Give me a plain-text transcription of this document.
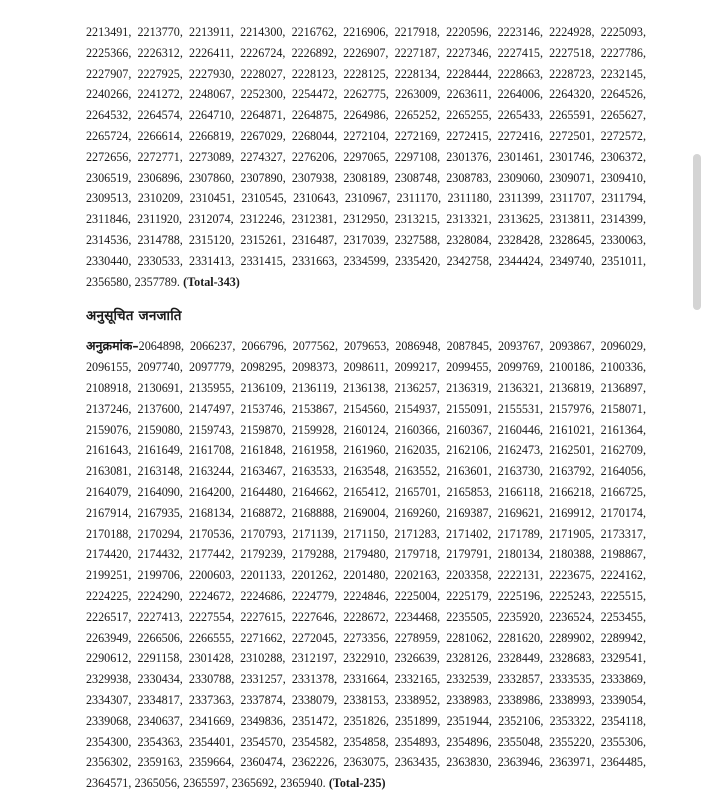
2213491, 2213770, 2213911, 2214300, 2216762, 2216906, 2217918, 2220596, 2223146, 2224928, 2225093, 2225366, 2226312, 2226411, 2226724, 2226892, 2226907, 2227187, 2227346, 2227415, 2227518, 2227786, 2227907, 2227925, 2227930, 2228027, 2228123, 2228125, 2228134, 2228444, 2228663, 2228723, 2232145, 2240266, 2241272, 2248067, 2252300, 2254472, 2262775, 2263009, 2263611, 2264006, 2264320, 2264526, 2264532, 2264574, 2264710, 2264871, 2264875, 2264986, 2265252, 2265255, 2265433, 2265591, 2265627, 2265724, 2266614, 2266819, 2267029, 2268044, 2272104, 2272169, 2272415, 2272416, 2272501, 2272572, 2272656, 2272771, 2273089, 2274327, 2276206, 2297065, 2297108, 2301376, 2301461, 2301746, 2306372, 2306519, 2306896, 2307860, 2307890, 2307938, 2308189, 2308748, 2308783, 2309060, 2309071, 2309410, 2309513, 2310209, 2310451, 2310545, 2310643, 2310967, 2311170, 2311180, 2311399, 2311707, 2311794, 2311846, 2311920, 2312074, 2312246, 2312381, 2312950, 2313215, 2313321, 2313625, 2313811, 2314399, 2314536, 2314788, 2315120, 2315261, 2316487, 2317039, 2327588, 2328084, 2328428, 2328645, 2330063, 2330440, 2330533, 2331413, 2331415, 2331663, 2334599, 2335420, 2342758, 2344424, 2349740, 2351011, 2356580, 2357789. (Total-343)

अनुसूचित जनजाति

अनुक्रमांक–2064898, 2066237, 2066796, 2077562, 2079653, 2086948, 2087845, 2093767, 2093867, 2096029, 2096155, 2097740, 2097779, 2098295, 2098373, 2098611, 2099217, 2099455, 2099769, 2100186, 2100336, 2108918, 2130691, 2135955, 2136109, 2136119, 2136138, 2136257, 2136319, 2136321, 2136819, 2136897, 2137246, 2137600, 2147497, 2153746, 2153867, 2154560, 2154937, 2155091, 2155531, 2157976, 2158071, 2159076, 2159080, 2159743, 2159870, 2159928, 2160124, 2160366, 2160367, 2160446, 2161021, 2161364, 2161643, 2161649, 2161708, 2161848, 2161958, 2161960, 2162035, 2162106, 2162473, 2162501, 2162709, 2163081, 2163148, 2163244, 2163467, 2163533, 2163548, 2163552, 2163601, 2163730, 2163792, 2164056, 2164079, 2164090, 2164200, 2164480, 2164662, 2165412, 2165701, 2165853, 2166118, 2166218, 2166725, 2167914, 2167935, 2168134, 2168872, 2168888, 2169004, 2169260, 2169387, 2169621, 2169912, 2170174, 2170188, 2170294, 2170536, 2170793, 2171139, 2171150, 2171283, 2171402, 2171789, 2171905, 2173317, 2174420, 2174432, 2177442, 2179239, 2179288, 2179480, 2179718, 2179791, 2180134, 2180388, 2198867, 2199251, 2199706, 2200603, 2201133, 2201262, 2201480, 2202163, 2203358, 2222131, 2223675, 2224162, 2224225, 2224290, 2224672, 2224686, 2224779, 2224846, 2225004, 2225179, 2225196, 2225243, 2225515, 2226517, 2227413, 2227554, 2227615, 2227646, 2228672, 2234468, 2235505, 2235920, 2236524, 2253455, 2263949, 2266506, 2266555, 2271662, 2272045, 2273356, 2278959, 2281062, 2281620, 2289902, 2289942, 2290612, 2291158, 2301428, 2310288, 2312197, 2322910, 2326639, 2328126, 2328449, 2328683, 2329541, 2329938, 2330434, 2330788, 2331257, 2331378, 2331664, 2332165, 2332539, 2332857, 2333535, 2333869, 2334307, 2334817, 2337363, 2337874, 2338079, 2338153, 2338952, 2338983, 2338986, 2338993, 2339054, 2339068, 2340637, 2341669, 2349836, 2351472, 2351826, 2351899, 2351944, 2352106, 2353322, 2354118, 2354300, 2354363, 2354401, 2354570, 2354582, 2354858, 2354893, 2354896, 2355048, 2355220, 2355306, 2356302, 2359163, 2359664, 2360474, 2362226, 2363075, 2363435, 2363830, 2363946, 2363971, 2364485, 2364571, 2365056, 2365597, 2365692, 2365940. (Total-235)
